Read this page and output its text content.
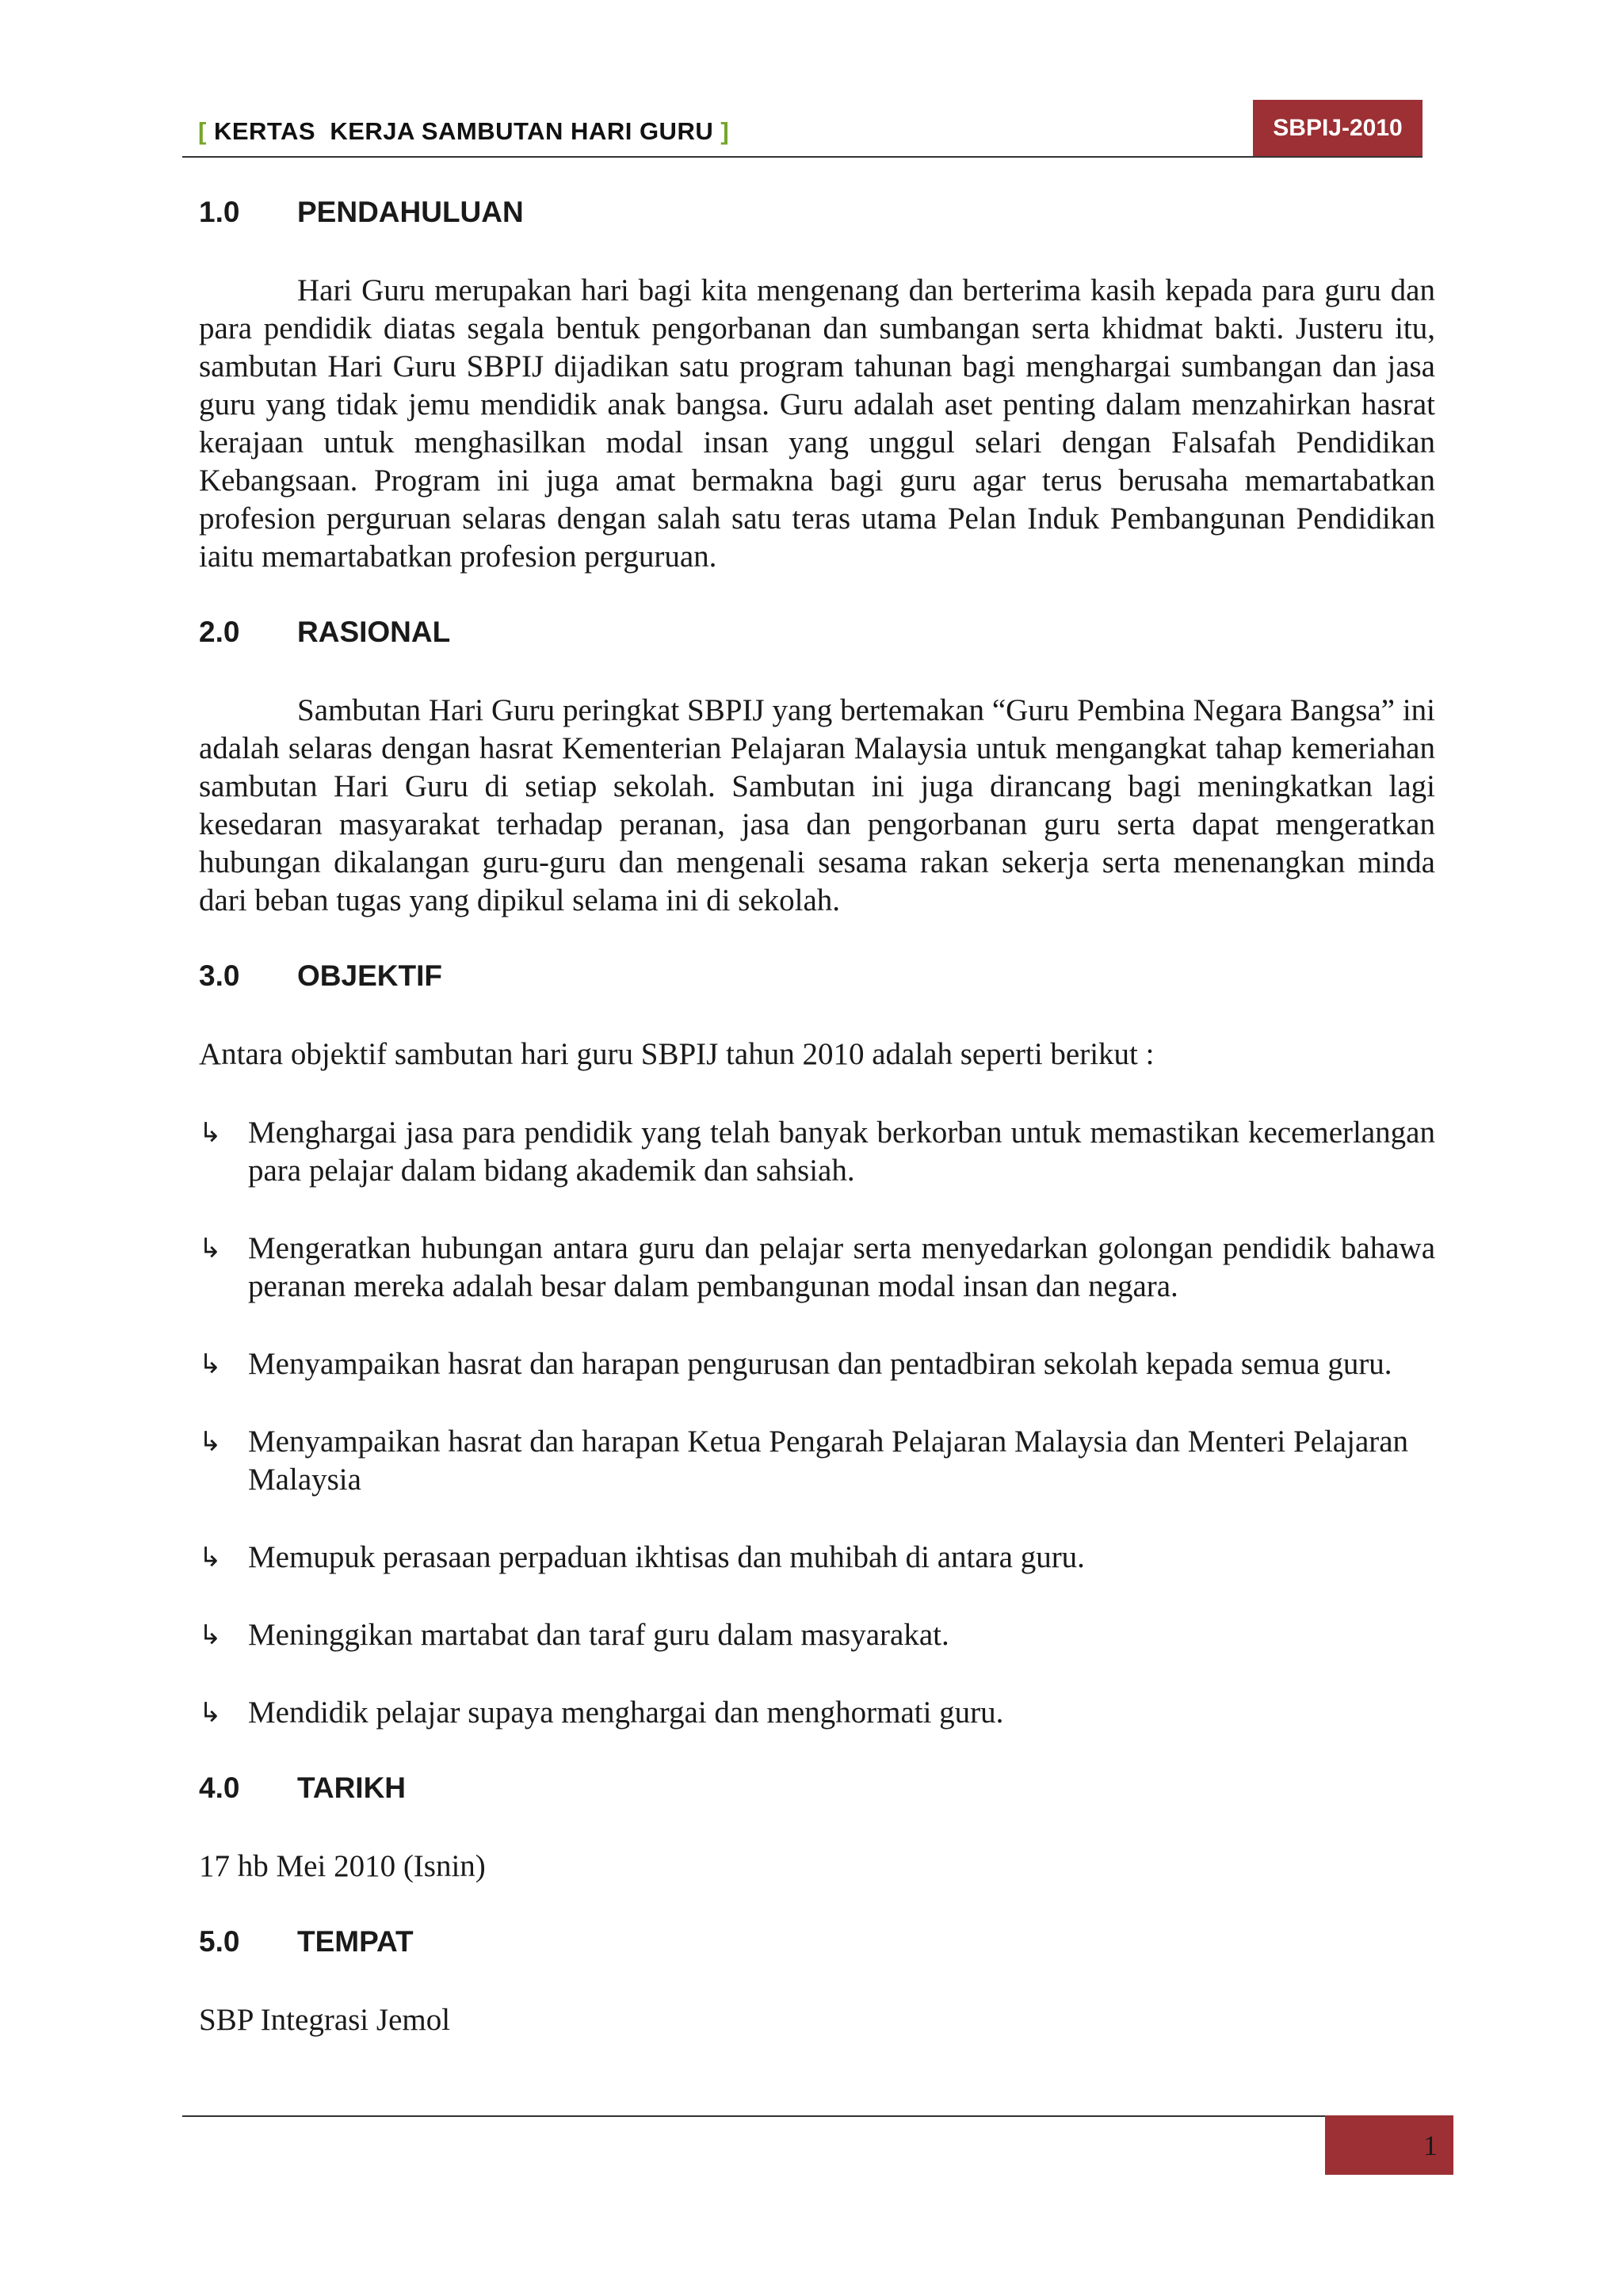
[ KERTAS  KERJA SAMBUTAN HARI GURU ]	SBPIJ-2010
1.0	PENDAHULUAN

Hari Guru merupakan hari bagi kita mengenang dan berterima kasih kepada para guru dan para pendidik diatas segala bentuk pengorbanan dan sumbangan serta khidmat bakti. Justeru itu, sambutan Hari Guru SBPIJ dijadikan satu program tahunan bagi menghargai sumbangan dan jasa guru yang tidak jemu mendidik anak bangsa. Guru adalah aset penting dalam menzahirkan hasrat kerajaan untuk menghasilkan modal insan yang unggul selari dengan Falsafah Pendidikan Kebangsaan. Program ini juga amat bermakna bagi guru agar terus berusaha memartabatkan profesion perguruan selaras dengan salah satu teras utama Pelan Induk Pembangunan Pendidikan iaitu memartabatkan profesion perguruan.

2.0	RASIONAL

Sambutan Hari Guru peringkat SBPIJ yang bertemakan “Guru Pembina Negara Bangsa” ini adalah selaras dengan hasrat Kementerian Pelajaran Malaysia untuk mengangkat tahap kemeriahan sambutan Hari Guru di setiap sekolah. Sambutan ini juga dirancang bagi meningkatkan lagi kesedaran masyarakat terhadap peranan, jasa dan pengorbanan guru serta dapat mengeratkan hubungan dikalangan guru-guru dan mengenali sesama rakan sekerja serta menenangkan minda dari beban tugas yang dipikul selama ini di sekolah.

3.0	OBJEKTIF

Antara objektif sambutan hari guru SBPIJ tahun 2010 adalah seperti berikut :

↳ Menghargai jasa para pendidik yang telah banyak berkorban untuk memastikan kecemerlangan para pelajar dalam bidang akademik dan sahsiah.
↳ Mengeratkan hubungan antara guru dan pelajar serta menyedarkan golongan pendidik bahawa peranan mereka adalah besar dalam pembangunan modal insan dan negara.
↳ Menyampaikan hasrat dan harapan pengurusan dan pentadbiran sekolah kepada semua guru.
↳ Menyampaikan hasrat dan harapan Ketua Pengarah Pelajaran Malaysia dan Menteri Pelajaran Malaysia
↳ Memupuk perasaan perpaduan ikhtisas dan muhibah di antara guru.
↳ Meninggikan martabat dan taraf guru dalam masyarakat.
↳ Mendidik pelajar supaya menghargai dan menghormati guru.
4.0	TARIKH

17 hb Mei 2010 (Isnin)

5.0	TEMPAT

SBP Integrasi Jemol

1
